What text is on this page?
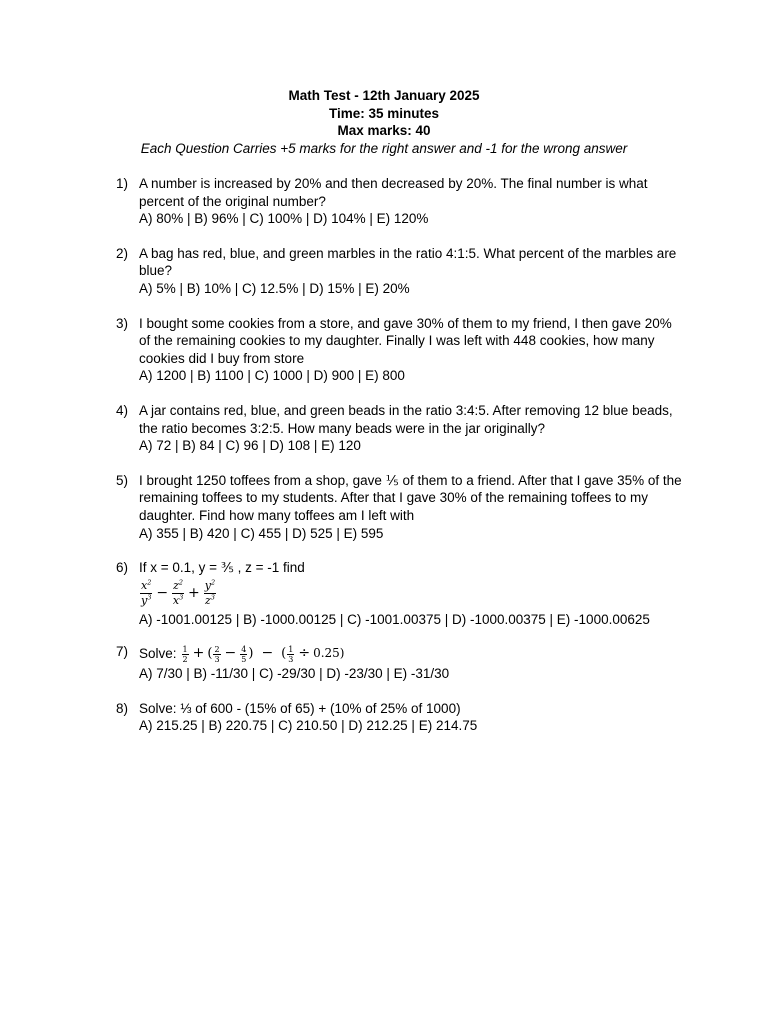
Math Test - 12th January 2025
Time: 35 minutes
Max marks: 40
Each Question Carries +5 marks for the right answer and -1 for the wrong answer
1) A number is increased by 20% and then decreased by 20%. The final number is what percent of the original number?
A) 80% | B) 96% | C) 100% | D) 104% | E) 120%
2) A bag has red, blue, and green marbles in the ratio 4:1:5. What percent of the marbles are blue?
A) 5% | B) 10% | C) 12.5% | D) 15% | E) 20%
3) I bought some cookies from a store, and gave 30% of them to my friend, I then gave 20% of the remaining cookies to my daughter. Finally I was left with 448 cookies, how many cookies did I buy from store
A) 1200 | B) 1100 | C) 1000 | D) 900 | E) 800
4) A jar contains red, blue, and green beads in the ratio 3:4:5. After removing 12 blue beads, the ratio becomes 3:2:5. How many beads were in the jar originally?
A) 72 | B) 84 | C) 96 | D) 108 | E) 120
5) I brought 1250 toffees from a shop, gave ⅕ of them to a friend. After that I gave 35% of the remaining toffees to my students. After that I gave 30% of the remaining toffees to my daughter. Find how many toffees am I left with
A) 355 | B) 420 | C) 455 | D) 525 | E) 595
6) If x = 0.1, y = ⅗ , z = -1 find
$\frac{x^2}{y^3} - \frac{z^2}{x^3} + \frac{y^2}{z^3}$
A) -1001.00125 | B) -1000.00125 | C) -1001.00375 | D) -1000.00375 | E) -1000.00625
7) Solve: $\frac{1}{2}$ + ( $\frac{2}{3} - \frac{4}{5}$ ) − ( $\frac{1}{3} \div 0.25$)
A) 7/30 | B) -11/30 | C) -29/30 | D) -23/30 | E) -31/30
8) Solve: ⅓ of 600 - (15% of 65) + (10% of 25% of 1000)
A) 215.25 | B) 220.75 | C) 210.50 | D) 212.25 | E) 214.75
